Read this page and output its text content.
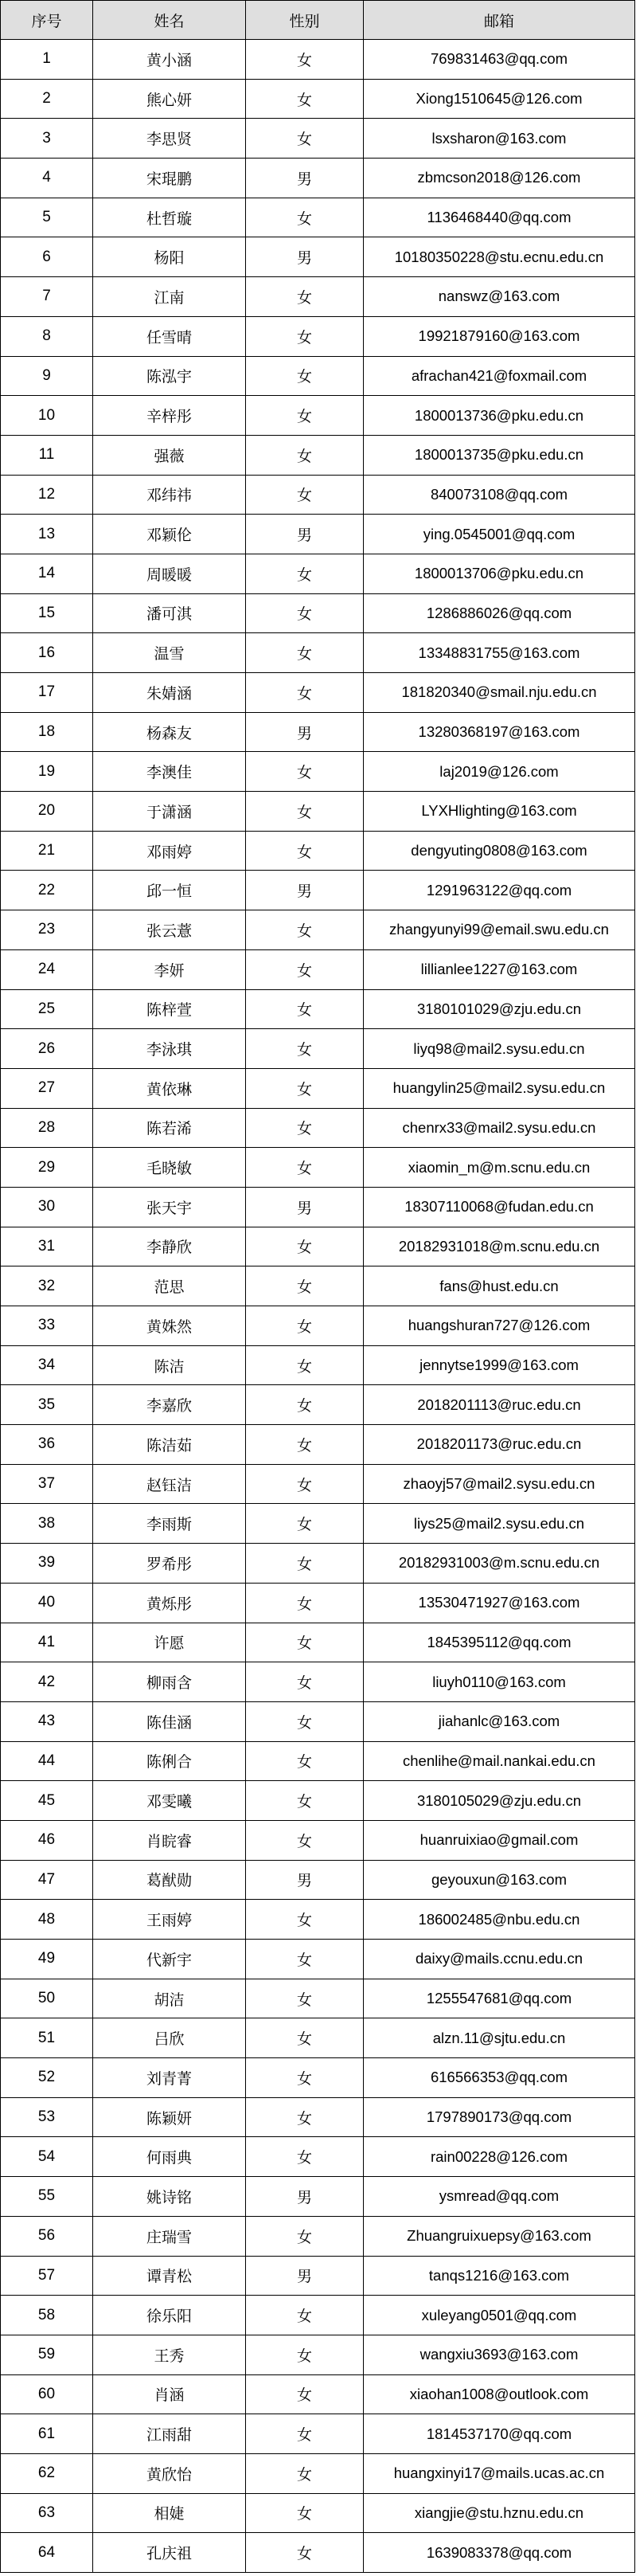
序号	姓名	性别	邮箱
1	黄小涵	女	769831463@qq.com
2	熊心妍	女	Xiong1510645@126.com
3	李思贤	女	lsxsharon@163.com
4	宋琨鹏	男	zbmcson2018@126.com
5	杜哲璇	女	1136468440@qq.com
6	杨阳	男	10180350228@stu.ecnu.edu.cn
7	江南	女	nanswz@163.com
8	任雪晴	女	19921879160@163.com
9	陈泓宇	女	afrachan421@foxmail.com
10	辛梓彤	女	1800013736@pku.edu.cn
11	强薇	女	1800013735@pku.edu.cn
12	邓纬祎	女	840073108@qq.com
13	邓颖伦	男	ying.0545001@qq.com
14	周暖暖	女	1800013706@pku.edu.cn
15	潘可淇	女	1286886026@qq.com
16	温雪	女	13348831755@163.com
17	朱婧涵	女	181820340@smail.nju.edu.cn
18	杨森友	男	13280368197@163.com
19	李澳佳	女	laj2019@126.com
20	于潇涵	女	LYXHlighting@163.com
21	邓雨婷	女	dengyuting0808@163.com
22	邱一恒	男	1291963122@qq.com
23	张云薏	女	zhangyunyi99@email.swu.edu.cn
24	李妍	女	lillianlee1227@163.com
25	陈梓萱	女	3180101029@zju.edu.cn
26	李泳琪	女	liyq98@mail2.sysu.edu.cn
27	黄依琳	女	huangylin25@mail2.sysu.edu.cn
28	陈若浠	女	chenrx33@mail2.sysu.edu.cn
29	毛晓敏	女	xiaomin_m@m.scnu.edu.cn
30	张天宇	男	18307110068@fudan.edu.cn
31	李静欣	女	20182931018@m.scnu.edu.cn
32	范思	女	fans@hust.edu.cn
33	黄姝然	女	huangshuran727@126.com
34	陈洁	女	jennytse1999@163.com
35	李嘉欣	女	2018201113@ruc.edu.cn
36	陈洁茹	女	2018201173@ruc.edu.cn
37	赵钰洁	女	zhaoyj57@mail2.sysu.edu.cn
38	李雨斯	女	liys25@mail2.sysu.edu.cn
39	罗希彤	女	20182931003@m.scnu.edu.cn
40	黄烁彤	女	13530471927@163.com
41	许愿	女	1845395112@qq.com
42	柳雨含	女	liuyh0110@163.com
43	陈佳涵	女	jiahanlc@163.com
44	陈俐合	女	chenlihe@mail.nankai.edu.cn
45	邓雯曦	女	3180105029@zju.edu.cn
46	肖睆睿	女	huanruixiao@gmail.com
47	葛猷勋	男	geyouxun@163.com
48	王雨婷	女	186002485@nbu.edu.cn
49	代新宇	女	daixy@mails.ccnu.edu.cn
50	胡洁	女	1255547681@qq.com
51	吕欣	女	alzn.11@sjtu.edu.cn
52	刘青菁	女	616566353@qq.com
53	陈颖妍	女	1797890173@qq.com
54	何雨典	女	rain00228@126.com
55	姚诗铭	男	ysmread@qq.com
56	庄瑞雪	女	Zhuangruixuepsy@163.com
57	谭青松	男	tanqs1216@163.com
58	徐乐阳	女	xuleyang0501@qq.com
59	王秀	女	wangxiu3693@163.com
60	肖涵	女	xiaohan1008@outlook.com
61	江雨甜	女	1814537170@qq.com
62	黄欣怡	女	huangxinyi17@mails.ucas.ac.cn
63	相婕	女	xiangjie@stu.hznu.edu.cn
64	孔庆祖	女	1639083378@qq.com
